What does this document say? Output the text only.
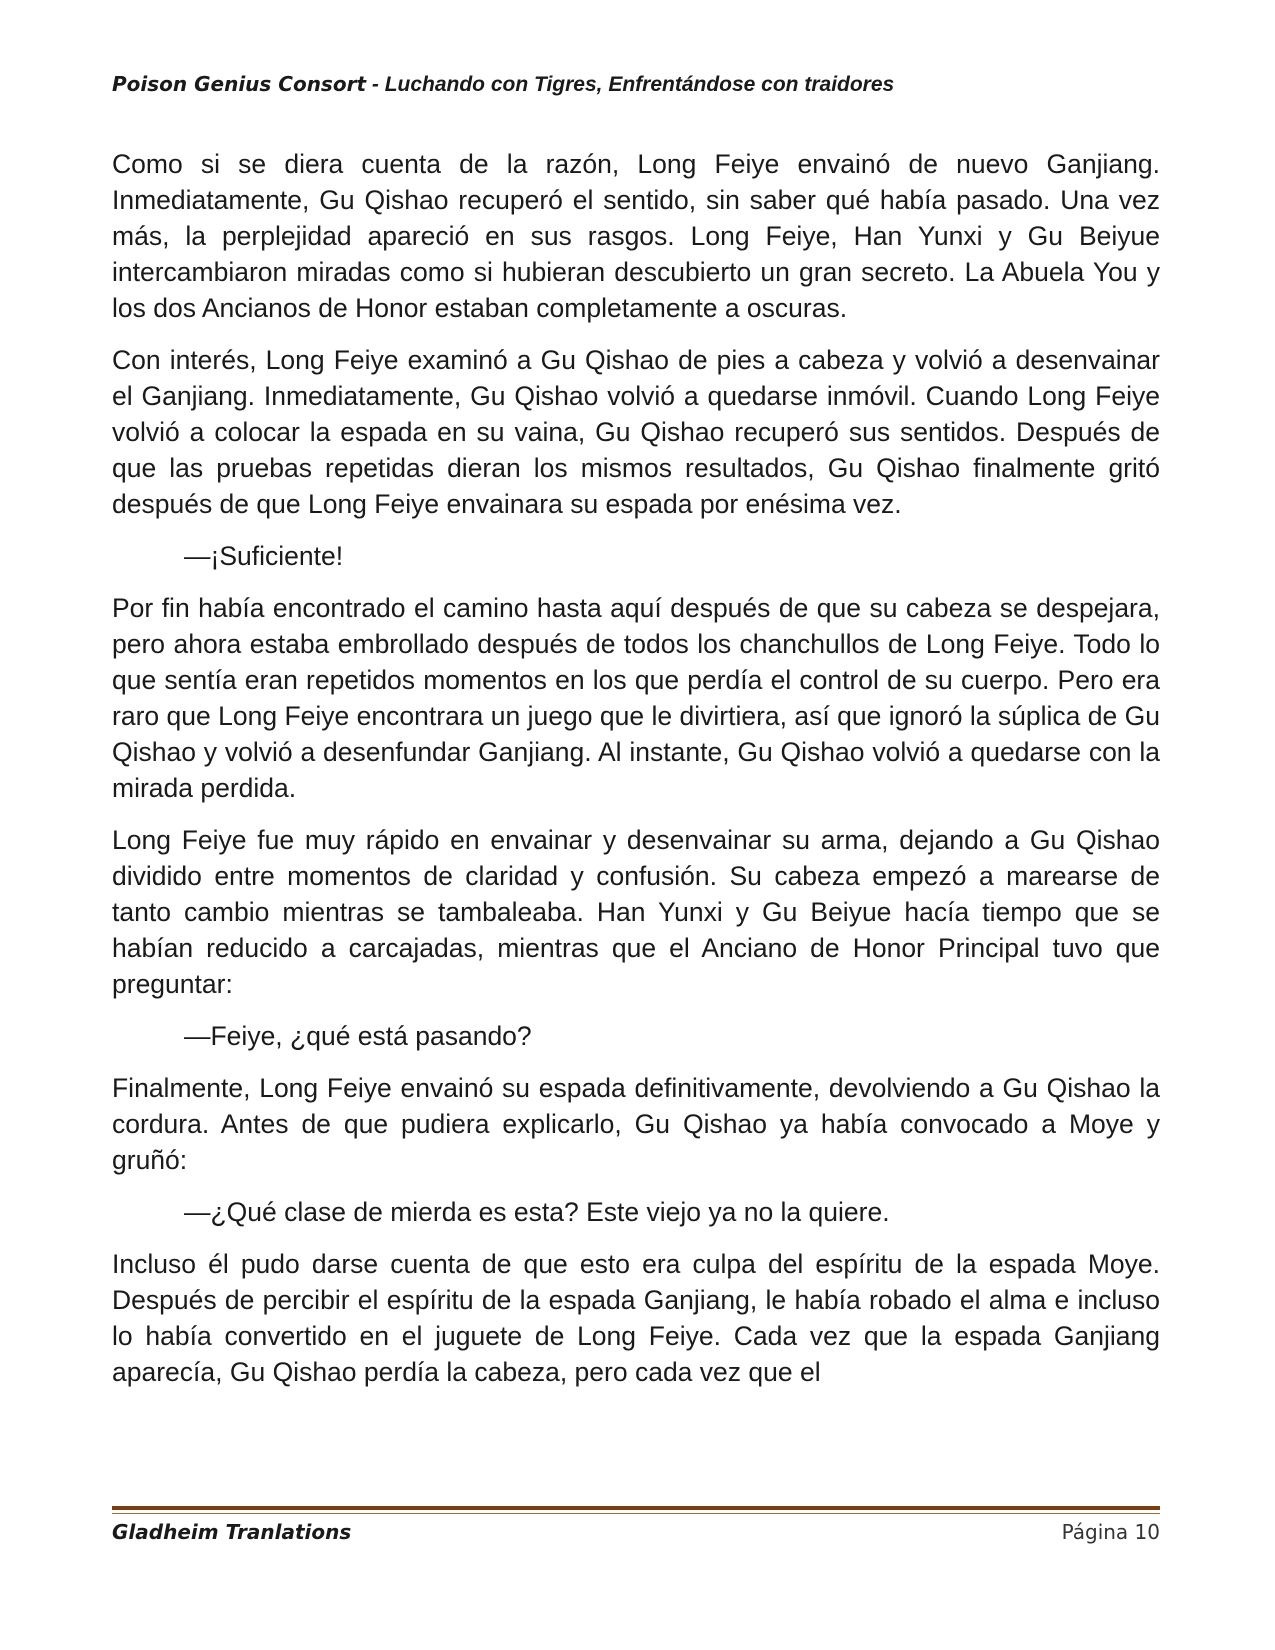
Poison Genius Consort - Luchando con Tigres, Enfrentándose con traidores

Como si se diera cuenta de la razón, Long Feiye envainó de nuevo Ganjiang. Inmediatamente, Gu Qishao recuperó el sentido, sin saber qué había pasado. Una vez más, la perplejidad apareció en sus rasgos. Long Feiye, Han Yunxi y Gu Beiyue intercambiaron miradas como si hubieran descubierto un gran secreto. La Abuela You y los dos Ancianos de Honor estaban completamente a oscuras.

Con interés, Long Feiye examinó a Gu Qishao de pies a cabeza y volvió a desenvainar el Ganjiang. Inmediatamente, Gu Qishao volvió a quedarse inmóvil. Cuando Long Feiye volvió a colocar la espada en su vaina, Gu Qishao recuperó sus sentidos. Después de que las pruebas repetidas dieran los mismos resultados, Gu Qishao finalmente gritó después de que Long Feiye envainara su espada por enésima vez.

—¡Suficiente!

Por fin había encontrado el camino hasta aquí después de que su cabeza se despejara, pero ahora estaba embrollado después de todos los chanchullos de Long Feiye. Todo lo que sentía eran repetidos momentos en los que perdía el control de su cuerpo. Pero era raro que Long Feiye encontrara un juego que le divirtiera, así que ignoró la súplica de Gu Qishao y volvió a desenfundar Ganjiang. Al instante, Gu Qishao volvió a quedarse con la mirada perdida.

Long Feiye fue muy rápido en envainar y desenvainar su arma, dejando a Gu Qishao dividido entre momentos de claridad y confusión. Su cabeza empezó a marearse de tanto cambio mientras se tambaleaba. Han Yunxi y Gu Beiyue hacía tiempo que se habían reducido a carcajadas, mientras que el Anciano de Honor Principal tuvo que preguntar:

—Feiye, ¿qué está pasando?

Finalmente, Long Feiye envainó su espada definitivamente, devolviendo a Gu Qishao la cordura. Antes de que pudiera explicarlo, Gu Qishao ya había convocado a Moye y gruñó:

—¿Qué clase de mierda es esta? Este viejo ya no la quiere.

Incluso él pudo darse cuenta de que esto era culpa del espíritu de la espada Moye. Después de percibir el espíritu de la espada Ganjiang, le había robado el alma e incluso lo había convertido en el juguete de Long Feiye. Cada vez que la espada Ganjiang aparecía, Gu Qishao perdía la cabeza, pero cada vez que el

Gladheim Tranlations	Página 10
